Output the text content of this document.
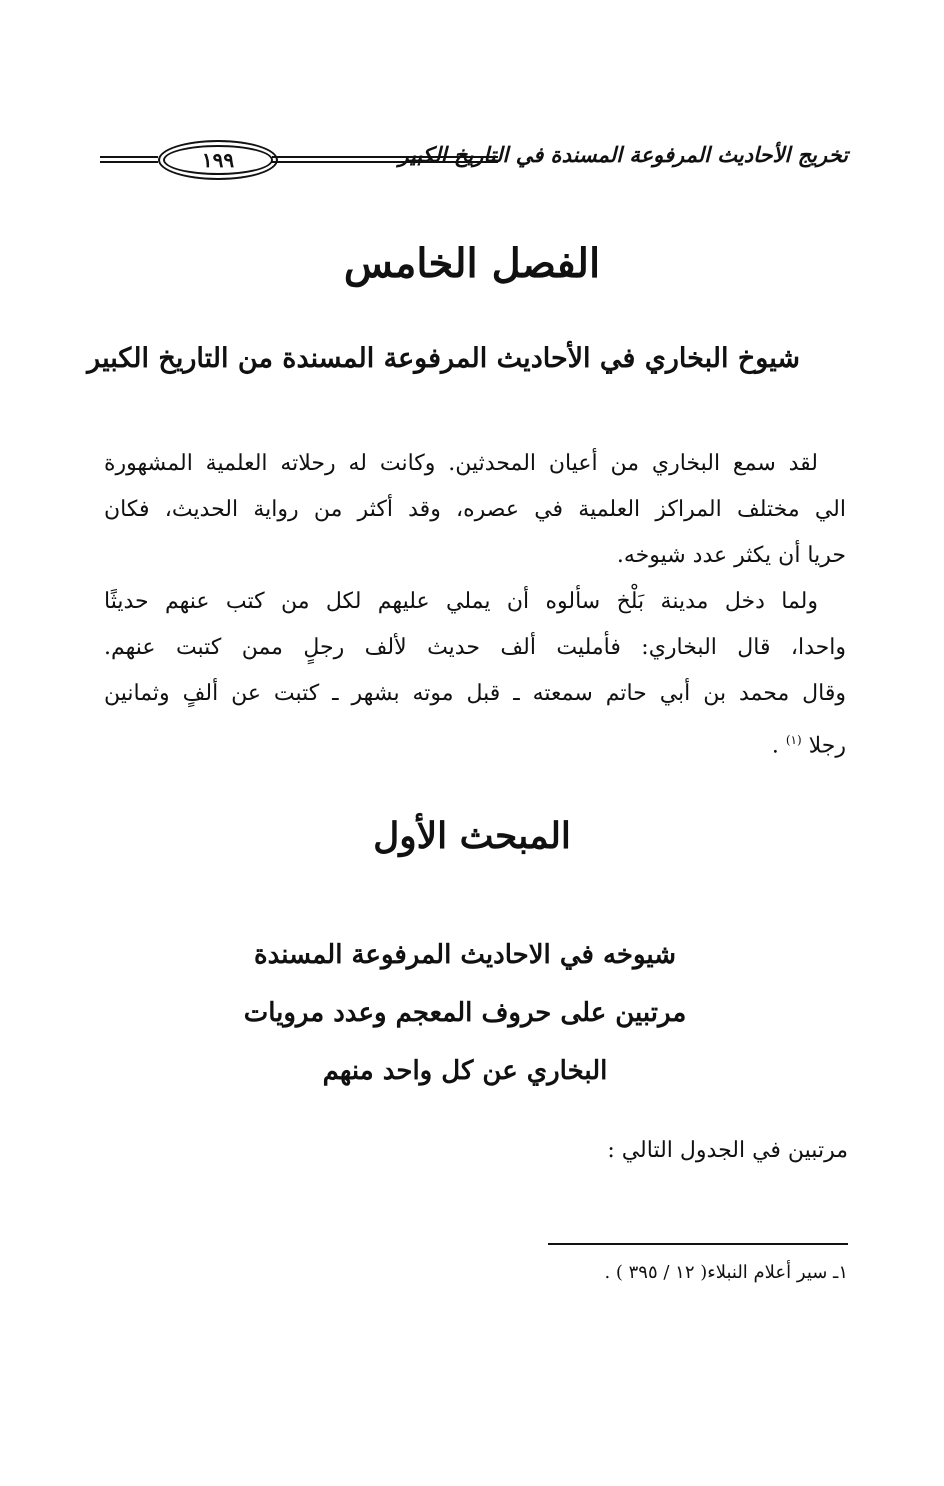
١٩٩	تخريج الأحاديث المرفوعة المسندة في التاريخ الكبير
الفصل الخامس
شيوخ البخاري في الأحاديث المرفوعة المسندة من التاريخ الكبير
لقد سمع البخاري من أعيان المحدثين. وكانت له رحلاته العلمية المشهورة
الي مختلف المراكز العلمية في عصره، وقد أكثر من رواية الحديث، فكان
حريا أن يكثر عدد شيوخه.
ولما دخل مدينة بَلْخ سألوه أن يملي عليهم لكل من كتب عنهم حديثًا
واحدا، قال البخاري: فأمليت ألف حديث لألف رجلٍ ممن كتبت عنهم.
وقال محمد بن أبي حاتم سمعته ـ قبل موته بشهر ـ كتبت عن ألفٍ وثمانين
رجلا $^{(١)}$ .
المبحث الأول
شيوخه في الاحاديث المرفوعة المسندة
مرتبين على حروف المعجم وعدد مرويات
البخاري عن كل واحد منهم
مرتبين في الجدول التالي :
١ـ سير أعلام النبلاء( ١٢ / ٣٩٥ ) .
